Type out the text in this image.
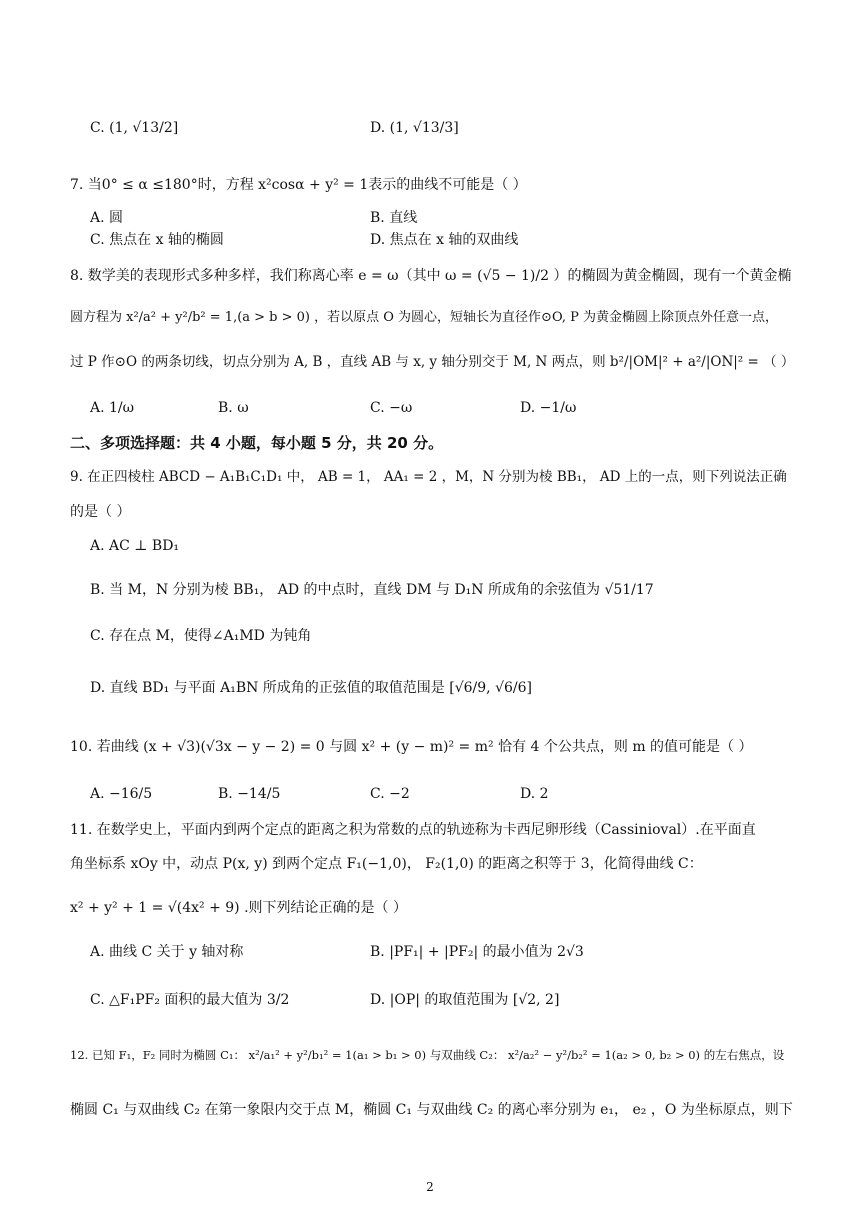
C. (1, √13/2]	D. (1, √13/3]
7. 当0° ≤ α ≤180°时，方程 x²cosα + y² = 1表示的曲线不可能是（ ）
A. 圆	B. 直线
C. 焦点在 x 轴的椭圆	D. 焦点在 x 轴的双曲线
8. 数学美的表现形式多种多样，我们称离心率 e = ω（其中 ω = (√5 − 1)/2 ）的椭圆为黄金椭圆，现有一个黄金椭
圆方程为 x²/a² + y²/b² = 1,(a > b > 0) ，若以原点 O 为圆心，短轴长为直径作⊙O, P 为黄金椭圆上除顶点外任意一点，
过 P 作⊙O 的两条切线，切点分别为 A, B ，直线 AB 与 x, y 轴分别交于 M, N 两点，则 b²/|OM|² + a²/|ON|² = （ ）
A. 1/ω	B. ω	C. −ω	D. −1/ω
二、多项选择题：共 4 小题，每小题 5 分，共 20 分。
9. 在正四棱柱 ABCD − A₁B₁C₁D₁ 中， AB = 1， AA₁ = 2 ，M，N 分别为棱 BB₁， AD 上的一点，则下列说法正确
的是（ ）
A. AC ⊥ BD₁
B. 当 M，N 分别为棱 BB₁， AD 的中点时，直线 DM 与 D₁N 所成角的余弦值为 √51/17
C. 存在点 M，使得∠A₁MD 为钝角
D. 直线 BD₁ 与平面 A₁BN 所成角的正弦值的取值范围是 [√6/9, √6/6]
10. 若曲线 (x + √3)(√3x − y − 2) = 0 与圆 x² + (y − m)² = m² 恰有 4 个公共点，则 m 的值可能是（ ）
A. −16/5	B. −14/5	C. −2	D. 2
11. 在数学史上，平面内到两个定点的距离之积为常数的点的轨迹称为卡西尼卵形线（Cassinioval）.在平面直
角坐标系 xOy 中，动点 P(x, y) 到两个定点 F₁(−1,0)， F₂(1,0) 的距离之积等于 3，化简得曲线 C：
x² + y² + 1 = √(4x² + 9) .则下列结论正确的是（ ）
A. 曲线 C 关于 y 轴对称	B. |PF₁| + |PF₂| 的最小值为 2√3
C. △F₁PF₂ 面积的最大值为 3/2	D. |OP| 的取值范围为 [√2, 2]
12. 已知 F₁，F₂ 同时为椭圆 C₁： x²/a₁² + y²/b₁² = 1(a₁ > b₁ > 0) 与双曲线 C₂： x²/a₂² − y²/b₂² = 1(a₂ > 0, b₂ > 0) 的左右焦点，设
椭圆 C₁ 与双曲线 C₂ 在第一象限内交于点 M，椭圆 C₁ 与双曲线 C₂ 的离心率分别为 e₁， e₂ ，O 为坐标原点，则下
2
